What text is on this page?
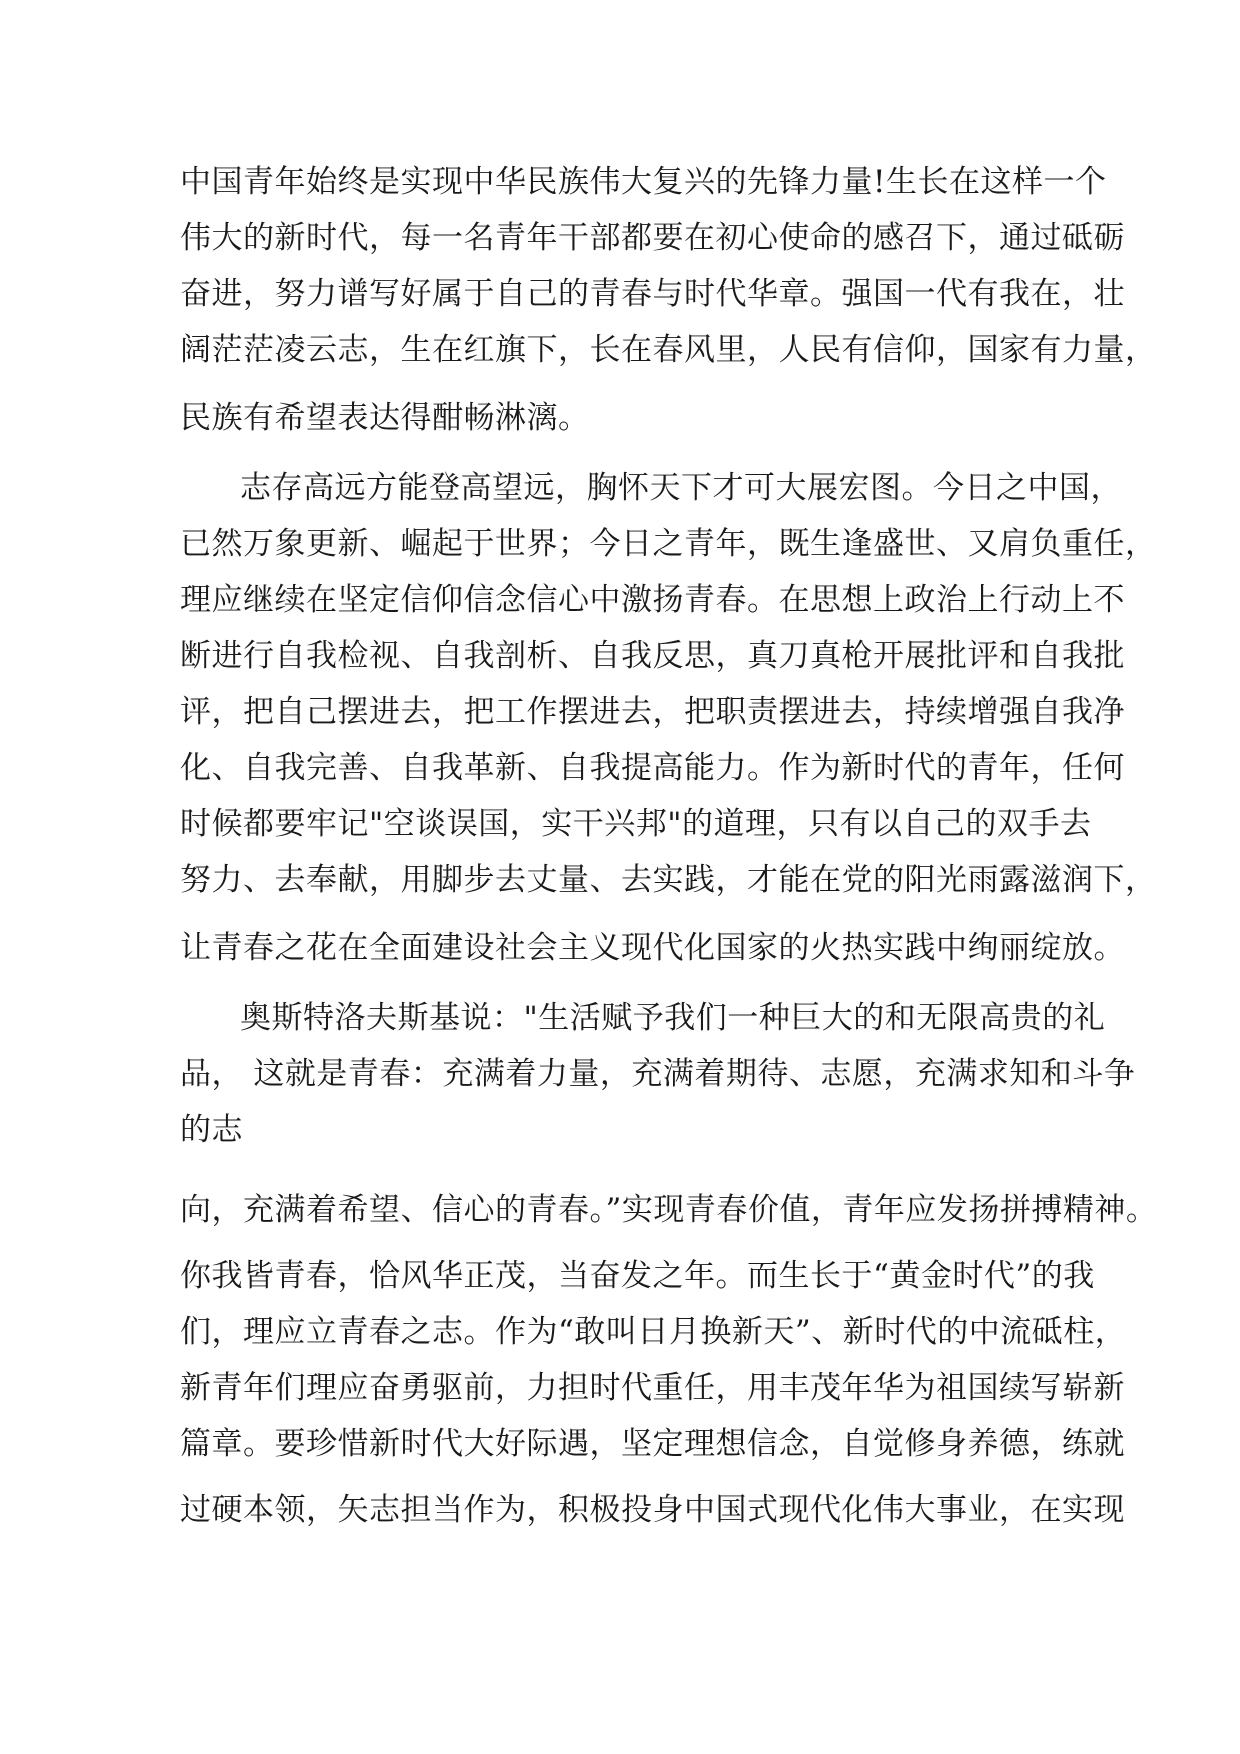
中国青年始终是实现中华民族伟大复兴的先锋力量!生长在这样一个

伟大的新时代，每一名青年干部都要在初心使命的感召下，通过砥砺

奋进，努力谱写好属于自己的青春与时代华章。强国一代有我在，壮

阔茫茫凌云志，生在红旗下，长在春风里，人民有信仰，国家有力量，

民族有希望表达得酣畅淋漓。

志存高远方能登高望远，胸怀天下才可大展宏图。今日之中国，

已然万象更新、崛起于世界；今日之青年，既生逢盛世、又肩负重任，

理应继续在坚定信仰信念信心中激扬青春。在思想上政治上行动上不

断进行自我检视、自我剖析、自我反思，真刀真枪开展批评和自我批

评，把自己摆进去，把工作摆进去，把职责摆进去，持续增强自我净

化、自我完善、自我革新、自我提高能力。作为新时代的青年，任何

时候都要牢记"空谈误国，实干兴邦"的道理，只有以自己的双手去

努力、去奉献，用脚步去丈量、去实践，才能在党的阳光雨露滋润下，

让青春之花在全面建设社会主义现代化国家的火热实践中绚丽绽放。

奥斯特洛夫斯基说："生活赋予我们一种巨大的和无限高贵的礼

品， 这就是青春：充满着力量，充满着期待、志愿，充满求知和斗争

的志

向，充满着希望、信心的青春。”实现青春价值，青年应发扬拼搏精神。

你我皆青春，恰风华正茂，当奋发之年。而生长于“黄金时代”的我

们，理应立青春之志。作为“敢叫日月换新天”、新时代的中流砥柱，

新青年们理应奋勇驱前，力担时代重任，用丰茂年华为祖国续写崭新

篇章。要珍惜新时代大好际遇，坚定理想信念，自觉修身养德，练就

过硬本领，矢志担当作为，积极投身中国式现代化伟大事业，在实现
